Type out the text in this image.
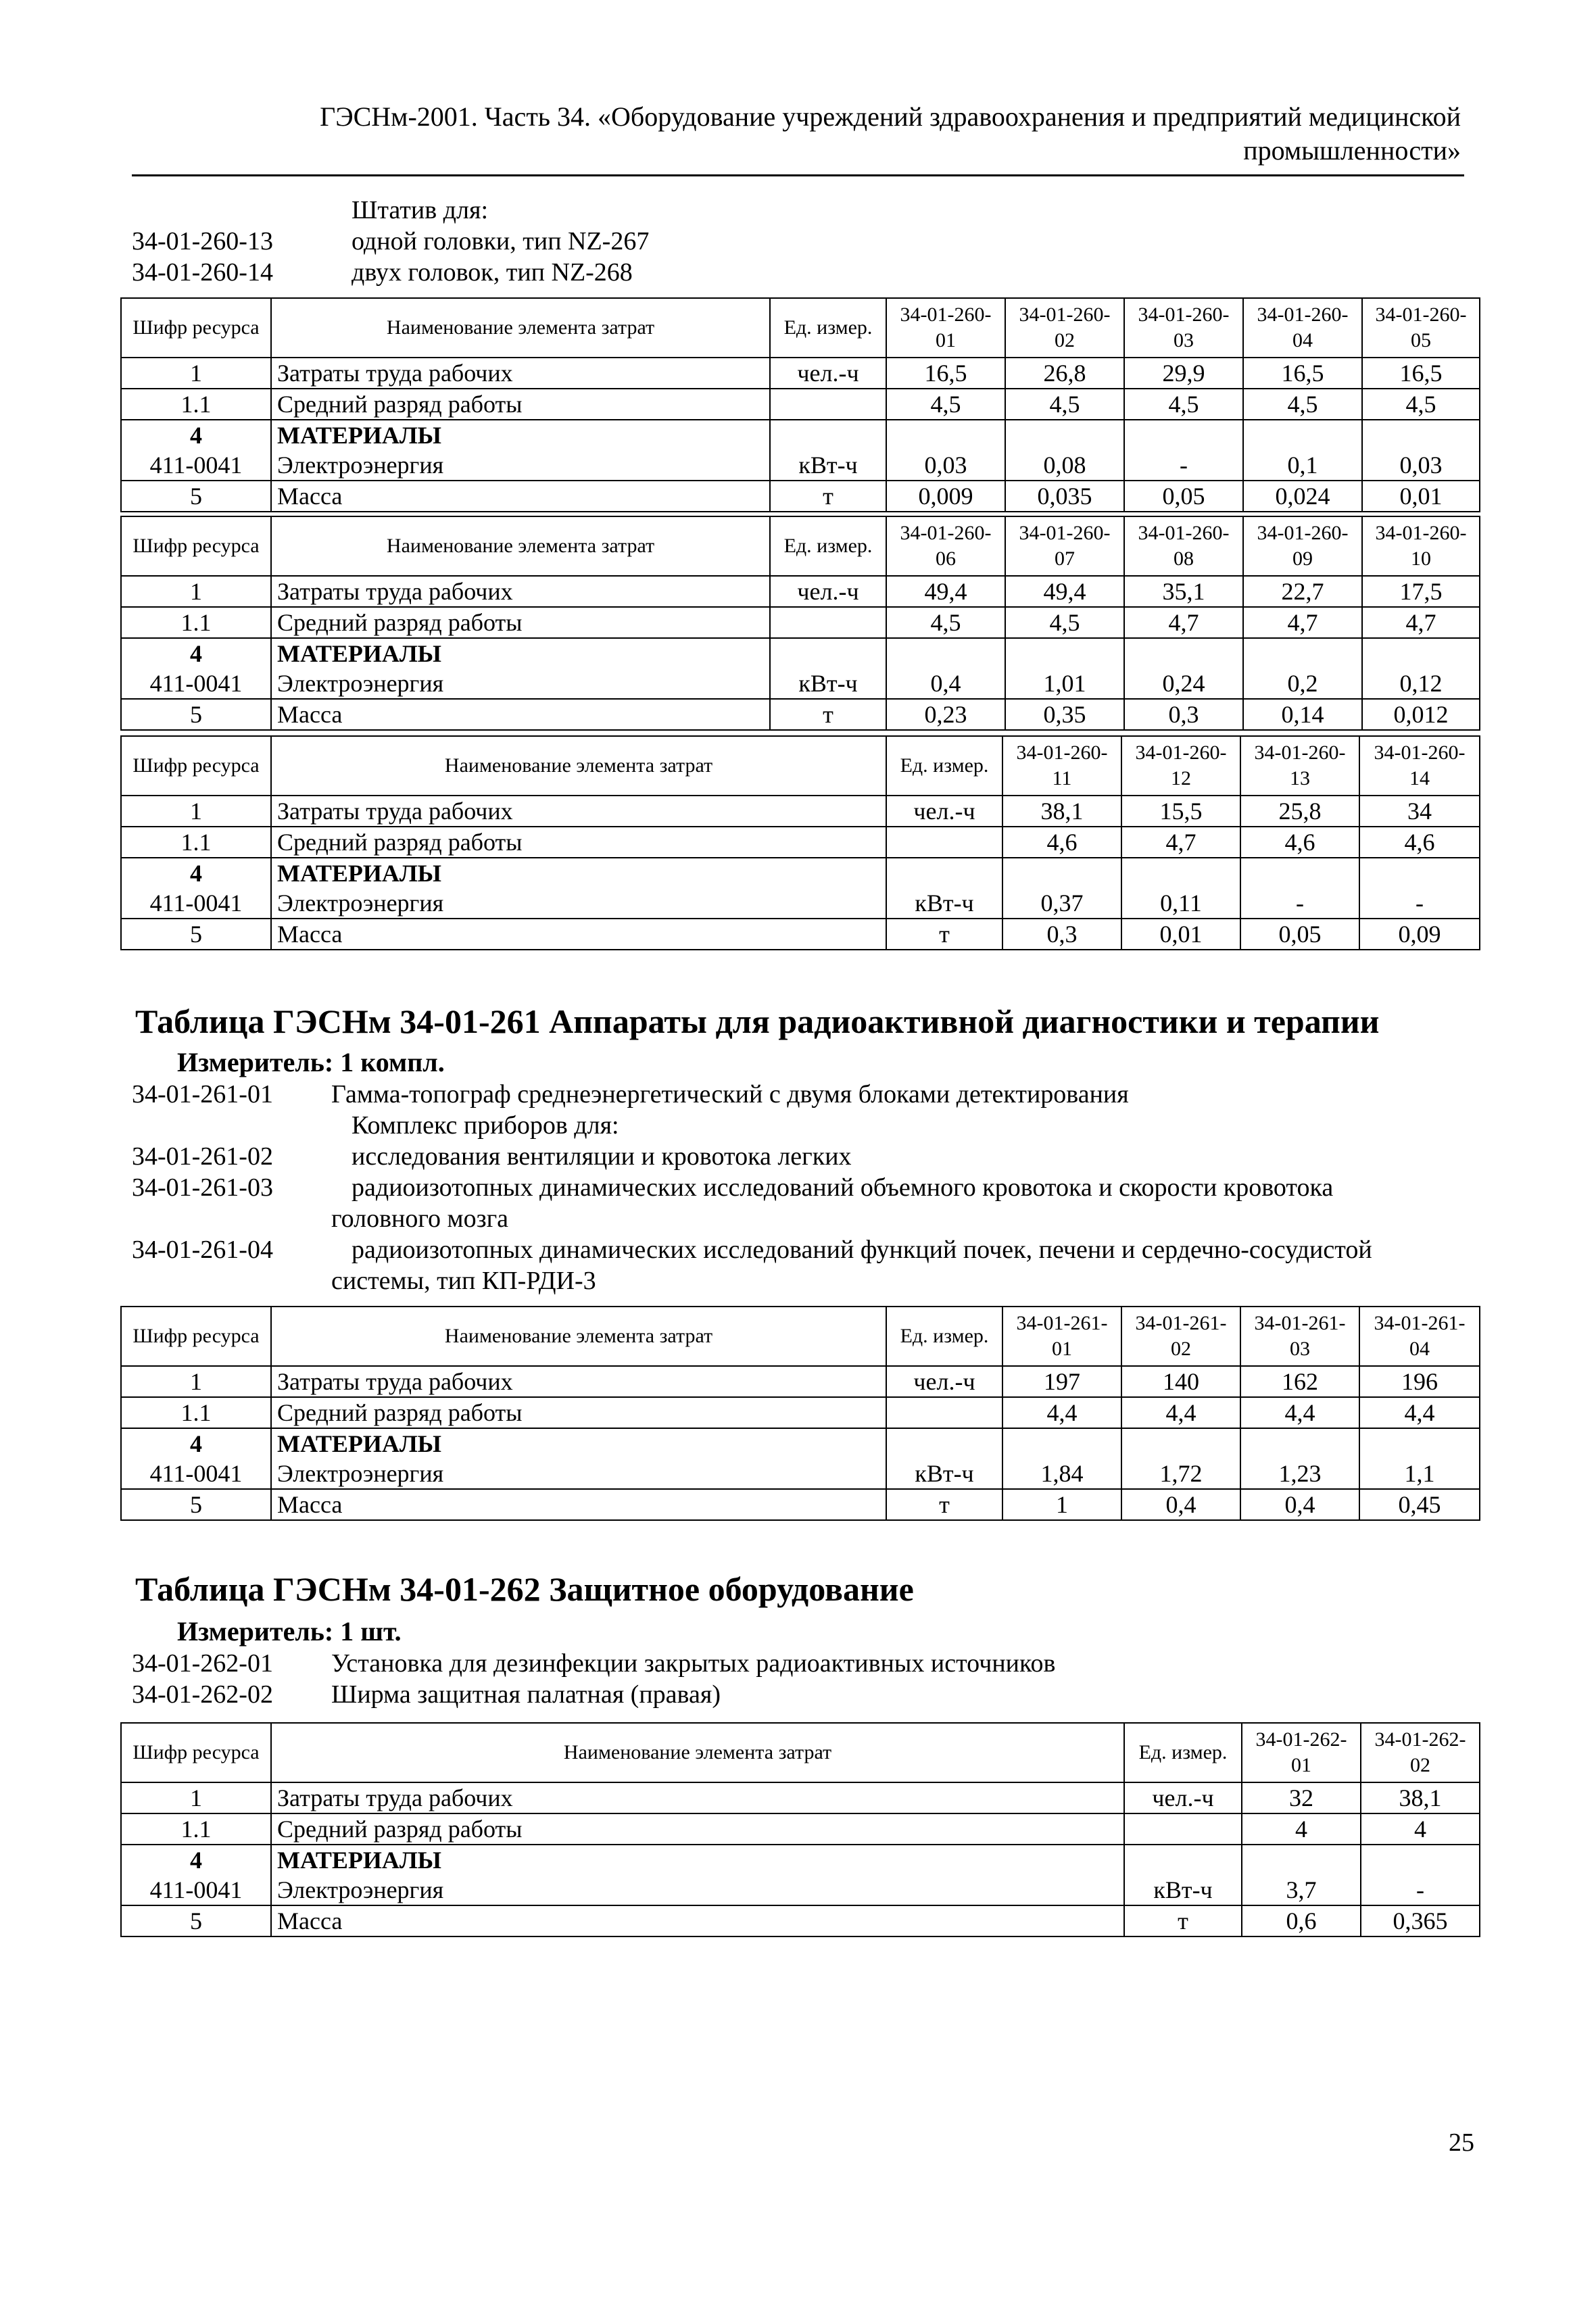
ГЭСНм-2001. Часть 34. «Оборудование учреждений здравоохранения и предприятий медицинской
промышленности»
Штатив для:
34-01-260-13	одной головки, тип NZ-267
34-01-260-14	двух головок, тип NZ-268
Шифр ресурса	Наименование элемента затрат	Ед. измер.	34-01-260-01	34-01-260-02	34-01-260-03	34-01-260-04	34-01-260-05
1	Затраты труда рабочих	чел.-ч	16,5	26,8	29,9	16,5	16,5
1.1	Средний разряд работы		4,5	4,5	4,5	4,5	4,5
4	МАТЕРИАЛЫ						
411-0041	Электроэнергия	кВт-ч	0,03	0,08	-	0,1	0,03
5	Масса	т	0,009	0,035	0,05	0,024	0,01
Шифр ресурса	Наименование элемента затрат	Ед. измер.	34-01-260-06	34-01-260-07	34-01-260-08	34-01-260-09	34-01-260-10
1	Затраты труда рабочих	чел.-ч	49,4	49,4	35,1	22,7	17,5
1.1	Средний разряд работы		4,5	4,5	4,7	4,7	4,7
4	МАТЕРИАЛЫ						
411-0041	Электроэнергия	кВт-ч	0,4	1,01	0,24	0,2	0,12
5	Масса	т	0,23	0,35	0,3	0,14	0,012
Шифр ресурса	Наименование элемента затрат	Ед. измер.	34-01-260-11	34-01-260-12	34-01-260-13	34-01-260-14
1	Затраты труда рабочих	чел.-ч	38,1	15,5	25,8	34
1.1	Средний разряд работы		4,6	4,7	4,6	4,6
4	МАТЕРИАЛЫ					
411-0041	Электроэнергия	кВт-ч	0,37	0,11	-	-
5	Масса	т	0,3	0,01	0,05	0,09
Таблица ГЭСНм 34-01-261 Аппараты для радиоактивной диагностики и терапии
Измеритель: 1 компл.
34-01-261-01 Гамма-топограф среднеэнергетический с двумя блоками детектирования
Комплекс приборов для:
34-01-261-02	исследования вентиляции и кровотока легких
34-01-261-03	радиоизотопных динамических исследований объемного кровотока и скорости кровотока
головного мозга
34-01-261-04	радиоизотопных динамических исследований функций почек, печени и сердечно-сосудистой
системы, тип КП-РДИ-3
Шифр ресурса	Наименование элемента затрат	Ед. измер.	34-01-261-01	34-01-261-02	34-01-261-03	34-01-261-04
1	Затраты труда рабочих	чел.-ч	197	140	162	196
1.1	Средний разряд работы		4,4	4,4	4,4	4,4
4	МАТЕРИАЛЫ					
411-0041	Электроэнергия	кВт-ч	1,84	1,72	1,23	1,1
5	Масса	т	1	0,4	0,4	0,45
Таблица ГЭСНм 34-01-262 Защитное оборудование
Измеритель: 1 шт.
34-01-262-01 Установка для дезинфекции закрытых радиоактивных источников
34-01-262-02 Ширма защитная палатная (правая)
Шифр ресурса	Наименование элемента затрат	Ед. измер.	34-01-262-01	34-01-262-02
1	Затраты труда рабочих	чел.-ч	32	38,1
1.1	Средний разряд работы		4	4
4	МАТЕРИАЛЫ			
411-0041	Электроэнергия	кВт-ч	3,7	-
5	Масса	т	0,6	0,365
25
